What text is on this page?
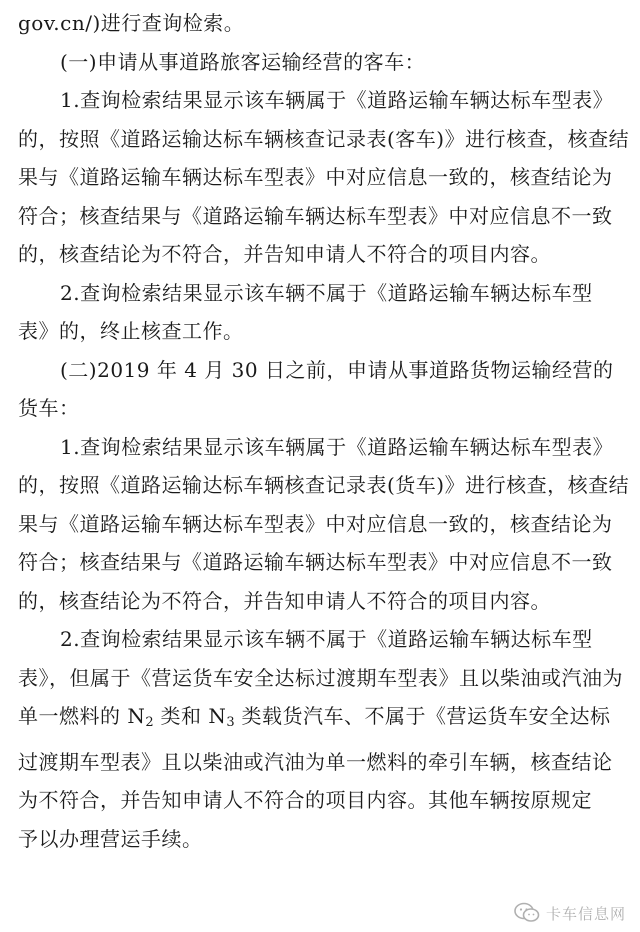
gov.cn/)进行查询检索。
(一)申请从事道路旅客运输经营的客车：
1.查询检索结果显示该车辆属于《道路运输车辆达标车型表》
的，按照《道路运输达标车辆核查记录表(客车)》进行核查，核查结
果与《道路运输车辆达标车型表》中对应信息一致的，核查结论为
符合；核查结果与《道路运输车辆达标车型表》中对应信息不一致
的，核查结论为不符合，并告知申请人不符合的项目内容。
2.查询检索结果显示该车辆不属于《道路运输车辆达标车型
表》的，终止核查工作。
(二)2019 年 4 月 30 日之前，申请从事道路货物运输经营的
货车：
1.查询检索结果显示该车辆属于《道路运输车辆达标车型表》
的，按照《道路运输达标车辆核查记录表(货车)》进行核查，核查结
果与《道路运输车辆达标车型表》中对应信息一致的，核查结论为
符合；核查结果与《道路运输车辆达标车型表》中对应信息不一致
的，核查结论为不符合，并告知申请人不符合的项目内容。
2.查询检索结果显示该车辆不属于《道路运输车辆达标车型
表》，但属于《营运货车安全达标过渡期车型表》且以柴油或汽油为
单一燃料的 $N_2$ 类和 $N_3$ 类载货汽车、不属于《营运货车安全达标
过渡期车型表》且以柴油或汽油为单一燃料的牵引车辆，核查结论
为不符合，并告知申请人不符合的项目内容。其他车辆按原规定
予以办理营运手续。
卡车信息网
